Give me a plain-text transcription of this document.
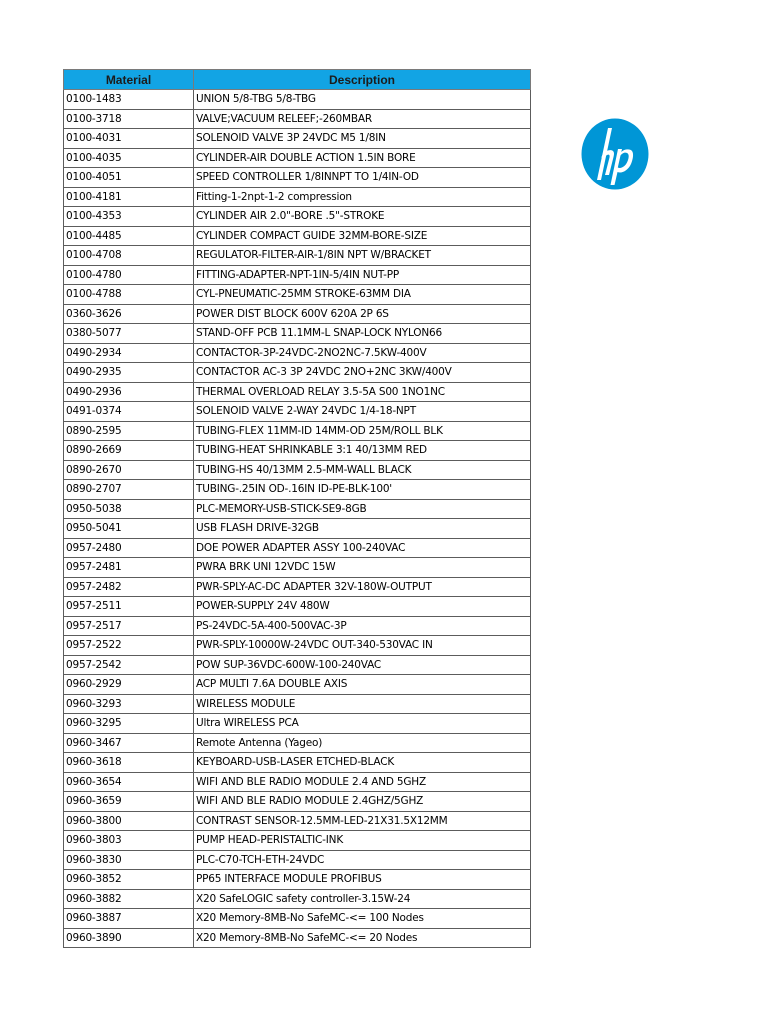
Material	Description
0100-1483	UNION 5/8-TBG 5/8-TBG
0100-3718	VALVE;VACUUM RELEEF;-260MBAR
0100-4031	SOLENOID VALVE 3P 24VDC M5 1/8IN
0100-4035	CYLINDER-AIR DOUBLE ACTION 1.5IN BORE
0100-4051	SPEED CONTROLLER 1/8INNPT TO 1/4IN-OD
0100-4181	Fitting-1-2npt-1-2 compression
0100-4353	CYLINDER AIR 2.0"-BORE .5"-STROKE
0100-4485	CYLINDER COMPACT GUIDE 32MM-BORE-SIZE
0100-4708	REGULATOR-FILTER-AIR-1/8IN NPT W/BRACKET
0100-4780	FITTING-ADAPTER-NPT-1IN-5/4IN NUT-PP
0100-4788	CYL-PNEUMATIC-25MM STROKE-63MM DIA
0360-3626	POWER DIST BLOCK 600V 620A 2P 6S
0380-5077	STAND-OFF PCB 11.1MM-L SNAP-LOCK NYLON66
0490-2934	CONTACTOR-3P-24VDC-2NO2NC-7.5KW-400V
0490-2935	CONTACTOR AC-3 3P 24VDC 2NO+2NC 3KW/400V
0490-2936	THERMAL OVERLOAD RELAY 3.5-5A S00 1NO1NC
0491-0374	SOLENOID VALVE 2-WAY 24VDC 1/4-18-NPT
0890-2595	TUBING-FLEX 11MM-ID 14MM-OD 25M/ROLL BLK
0890-2669	TUBING-HEAT SHRINKABLE 3:1 40/13MM RED
0890-2670	TUBING-HS 40/13MM 2.5-MM-WALL BLACK
0890-2707	TUBING-.25IN OD-.16IN ID-PE-BLK-100'
0950-5038	PLC-MEMORY-USB-STICK-SE9-8GB
0950-5041	USB FLASH DRIVE-32GB
0957-2480	DOE POWER ADAPTER ASSY 100-240VAC
0957-2481	PWRA BRK UNI 12VDC 15W
0957-2482	PWR-SPLY-AC-DC ADAPTER 32V-180W-OUTPUT
0957-2511	POWER-SUPPLY 24V 480W
0957-2517	PS-24VDC-5A-400-500VAC-3P
0957-2522	PWR-SPLY-10000W-24VDC OUT-340-530VAC IN
0957-2542	POW SUP-36VDC-600W-100-240VAC
0960-2929	ACP MULTI 7.6A DOUBLE AXIS
0960-3293	WIRELESS MODULE
0960-3295	Ultra WIRELESS PCA
0960-3467	Remote Antenna (Yageo)
0960-3618	KEYBOARD-USB-LASER ETCHED-BLACK
0960-3654	WIFI AND BLE RADIO MODULE 2.4 AND 5GHZ
0960-3659	WIFI AND BLE RADIO MODULE 2.4GHZ/5GHZ
0960-3800	CONTRAST SENSOR-12.5MM-LED-21X31.5X12MM
0960-3803	PUMP HEAD-PERISTALTIC-INK
0960-3830	PLC-C70-TCH-ETH-24VDC
0960-3852	PP65 INTERFACE MODULE PROFIBUS
0960-3882	X20 SafeLOGIC safety controller-3.15W-24
0960-3887	X20 Memory-8MB-No SafeMC-<= 100 Nodes
0960-3890	X20 Memory-8MB-No SafeMC-<= 20 Nodes
